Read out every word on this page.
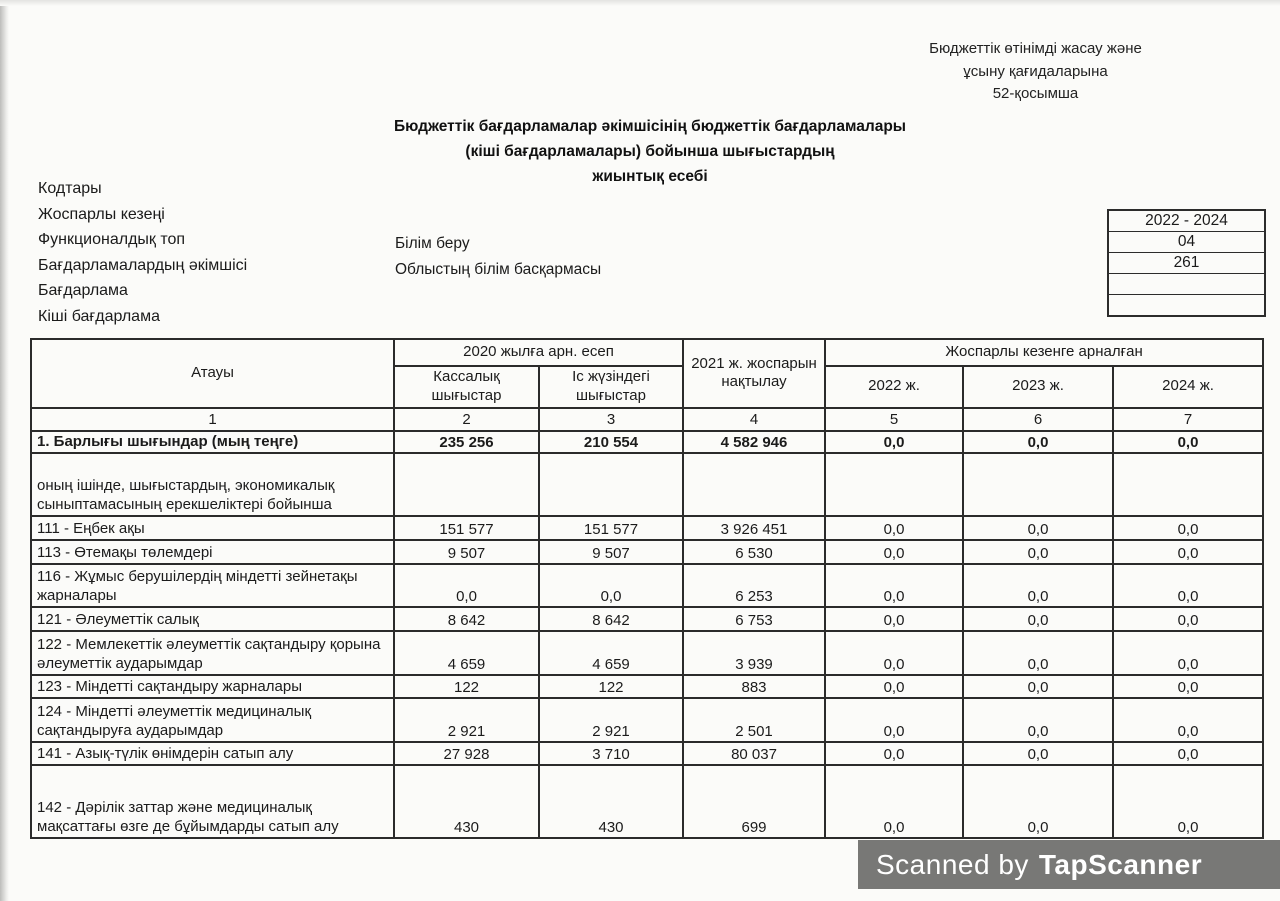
Бюджеттік өтінімді жасау және
ұсыну қағидаларына
52-қосымша
Бюджеттік бағдарламалар әкімшісінің бюджеттік бағдарламалары
(кіші бағдарламалары) бойынша шығыстардың
жиынтық есебі
Кодтары
Жоспарлы кезеңі
Функционалдық топ
Бағдарламалардың әкімшісі
Бағдарлама
Кіші бағдарлама
Білім беру
Облыстың білім басқармасы
2022 - 2024
04
261
Атауы	2020 жылға арн. есеп		2021 ж. жоспарын нақтылау	Жоспарлы кезенге арналған		
	Кассалық шығыстар	Іс жүзіндегі шығыстар		2022 ж.	2023 ж.	2024 ж.
1	2	3	4	5	6	7
1. Барлығы шығындар (мың теңге)	235 256	210 554	4 582 946	0,0	0,0	0,0
оның ішінде, шығыстардың, экономикалық сыныптамасының ерекшеліктері бойынша						
111 - Еңбек ақы	151 577	151 577	3 926 451	0,0	0,0	0,0
113 - Өтемақы төлемдері	9 507	9 507	6 530	0,0	0,0	0,0
116 - Жұмыс берушілердің міндетті зейнетақы жарналары	0,0	0,0	6 253	0,0	0,0	0,0
121 - Әлеуметтік салық	8 642	8 642	6 753	0,0	0,0	0,0
122 - Мемлекеттік әлеуметтік сақтандыру қорына әлеуметтік аударымдар	4 659	4 659	3 939	0,0	0,0	0,0
123 - Міндетті сақтандыру жарналары	122	122	883	0,0	0,0	0,0
124 - Міндетті әлеуметтік медициналық сақтандыруға аударымдар	2 921	2 921	2 501	0,0	0,0	0,0
141 - Азық-түлік өнімдерін сатып алу	27 928	3 710	80 037	0,0	0,0	0,0
142 - Дәрілік заттар және медициналық мақсаттағы өзге де бұйымдарды сатып алу	430	430	699	0,0	0,0	0,0
Scanned by TapScanner
